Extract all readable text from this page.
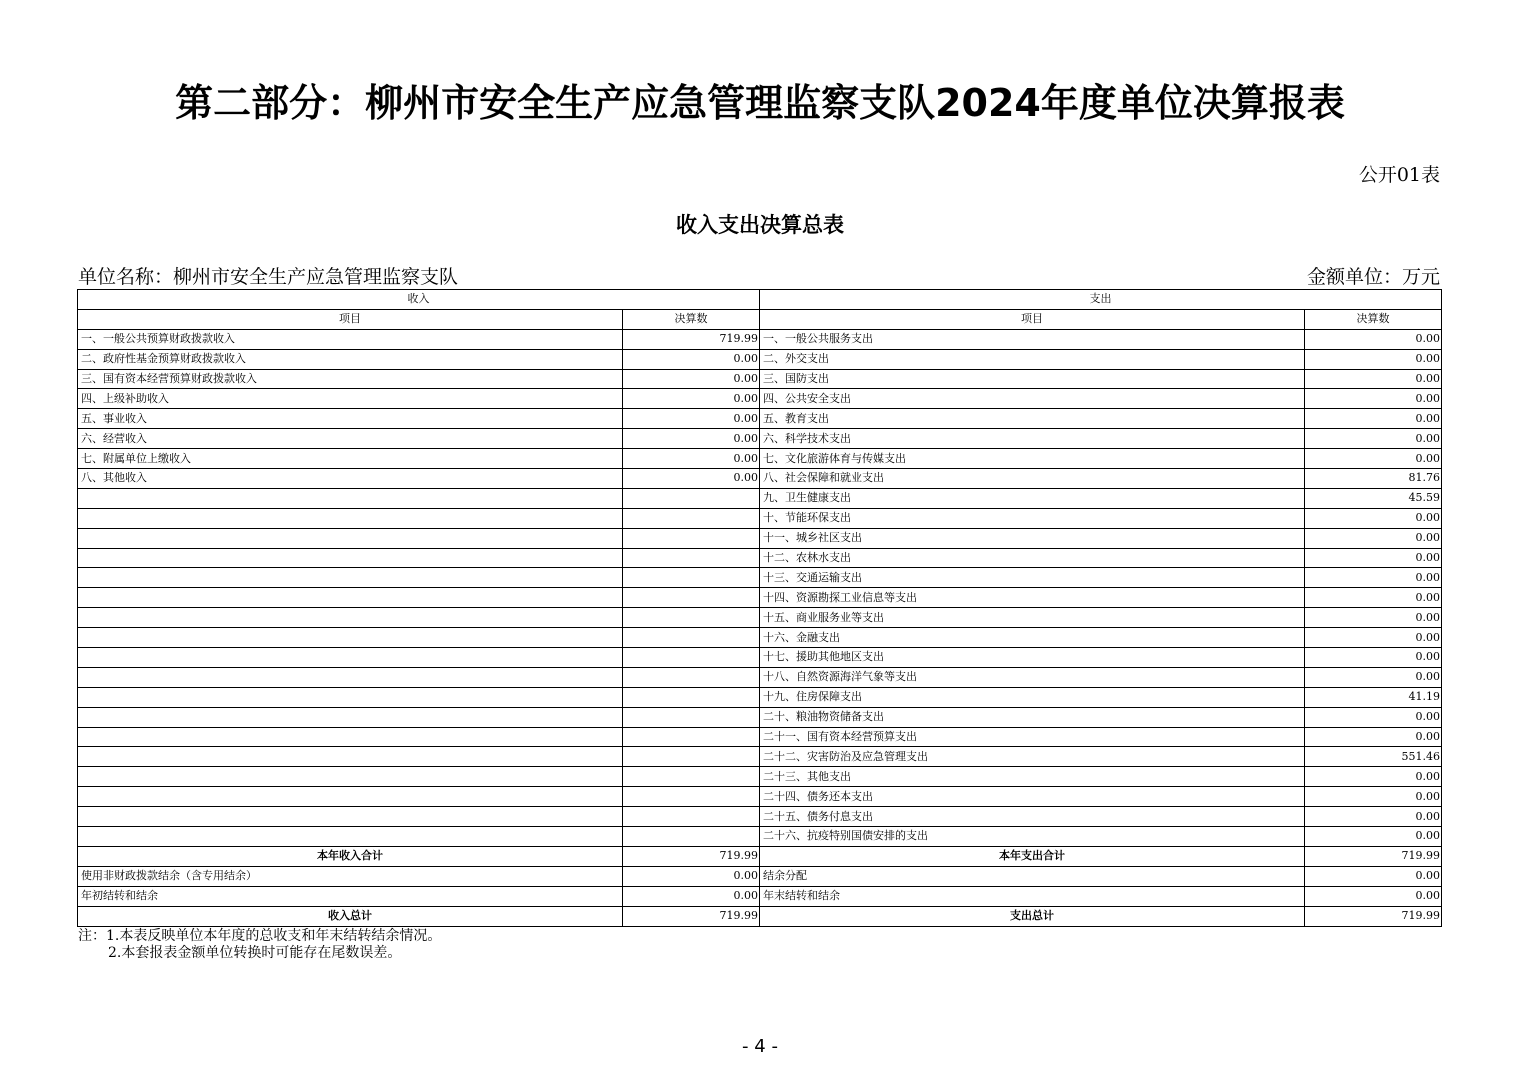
第二部分：柳州市安全生产应急管理监察支队2024年度单位决算报表
公开01表
收入支出决算总表
单位名称：柳州市安全生产应急管理监察支队	金额单位：万元
收入		支出	
项目	决算数	项目	决算数
一、一般公共预算财政拨款收入	719.99	一、一般公共服务支出	0.00
二、政府性基金预算财政拨款收入	0.00	二、外交支出	0.00
三、国有资本经营预算财政拨款收入	0.00	三、国防支出	0.00
四、上级补助收入	0.00	四、公共安全支出	0.00
五、事业收入	0.00	五、教育支出	0.00
六、经营收入	0.00	六、科学技术支出	0.00
七、附属单位上缴收入	0.00	七、文化旅游体育与传媒支出	0.00
八、其他收入	0.00	八、社会保障和就业支出	81.76
		九、卫生健康支出	45.59
		十、节能环保支出	0.00
		十一、城乡社区支出	0.00
		十二、农林水支出	0.00
		十三、交通运输支出	0.00
		十四、资源勘探工业信息等支出	0.00
		十五、商业服务业等支出	0.00
		十六、金融支出	0.00
		十七、援助其他地区支出	0.00
		十八、自然资源海洋气象等支出	0.00
		十九、住房保障支出	41.19
		二十、粮油物资储备支出	0.00
		二十一、国有资本经营预算支出	0.00
		二十二、灾害防治及应急管理支出	551.46
		二十三、其他支出	0.00
		二十四、债务还本支出	0.00
		二十五、债务付息支出	0.00
		二十六、抗疫特别国债安排的支出	0.00
本年收入合计	719.99	本年支出合计	719.99
使用非财政拨款结余（含专用结余）	0.00	结余分配	0.00
年初结转和结余	0.00	年末结转和结余	0.00
收入总计	719.99	支出总计	719.99
注：1.本表反映单位本年度的总收支和年末结转结余情况。
2.本套报表金额单位转换时可能存在尾数误差。
- 4 -
